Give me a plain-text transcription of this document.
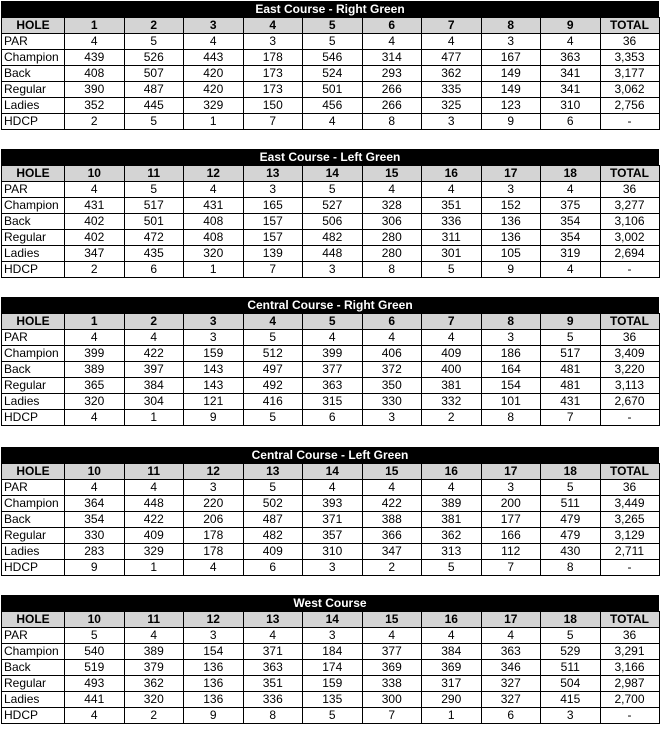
East Course - Right Green
HOLE	1	2	3	4	5	6	7	8	9	TOTAL
PAR	4	5	4	3	5	4	4	3	4	36
Champion	439	526	443	178	546	314	477	167	363	3,353
Back	408	507	420	173	524	293	362	149	341	3,177
Regular	390	487	420	173	501	266	335	149	341	3,062
Ladies	352	445	329	150	456	266	325	123	310	2,756
HDCP	2	5	1	7	4	8	3	9	6	-
East Course - Left Green
HOLE	10	11	12	13	14	15	16	17	18	TOTAL
PAR	4	5	4	3	5	4	4	3	4	36
Champion	431	517	431	165	527	328	351	152	375	3,277
Back	402	501	408	157	506	306	336	136	354	3,106
Regular	402	472	408	157	482	280	311	136	354	3,002
Ladies	347	435	320	139	448	280	301	105	319	2,694
HDCP	2	6	1	7	3	8	5	9	4	-
Central Course - Right Green
HOLE	1	2	3	4	5	6	7	8	9	TOTAL
PAR	4	4	3	5	4	4	4	3	5	36
Champion	399	422	159	512	399	406	409	186	517	3,409
Back	389	397	143	497	377	372	400	164	481	3,220
Regular	365	384	143	492	363	350	381	154	481	3,113
Ladies	320	304	121	416	315	330	332	101	431	2,670
HDCP	4	1	9	5	6	3	2	8	7	-
Central Course - Left Green
HOLE	10	11	12	13	14	15	16	17	18	TOTAL
PAR	4	4	3	5	4	4	4	3	5	36
Champion	364	448	220	502	393	422	389	200	511	3,449
Back	354	422	206	487	371	388	381	177	479	3,265
Regular	330	409	178	482	357	366	362	166	479	3,129
Ladies	283	329	178	409	310	347	313	112	430	2,711
HDCP	9	1	4	6	3	2	5	7	8	-
West Course
HOLE	10	11	12	13	14	15	16	17	18	TOTAL
PAR	5	4	3	4	3	4	4	4	5	36
Champion	540	389	154	371	184	377	384	363	529	3,291
Back	519	379	136	363	174	369	369	346	511	3,166
Regular	493	362	136	351	159	338	317	327	504	2,987
Ladies	441	320	136	336	135	300	290	327	415	2,700
HDCP	4	2	9	8	5	7	1	6	3	-
